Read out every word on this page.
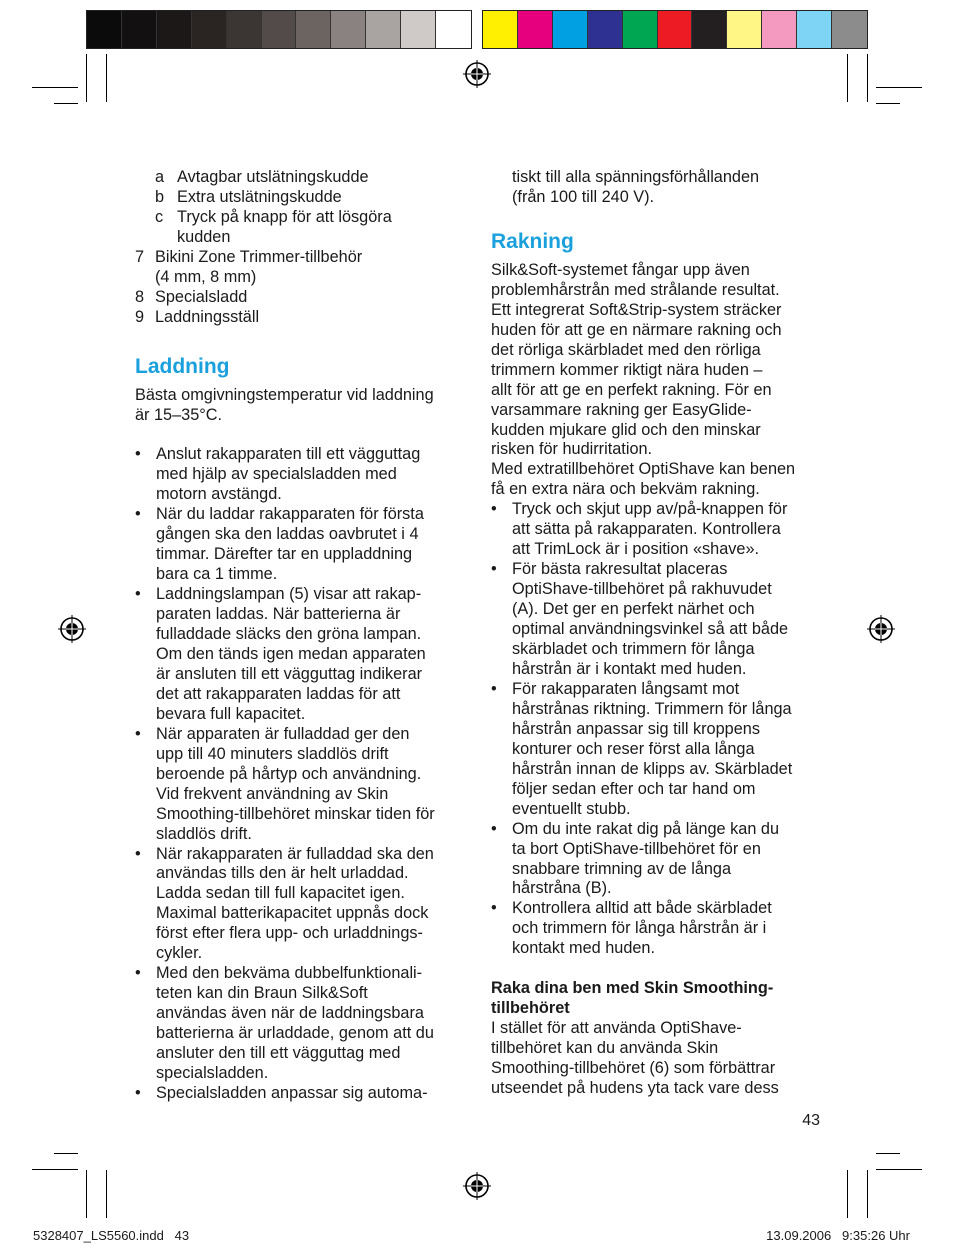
a Avtagbar utslätningskudde
b Extra utslätningskudde
c Tryck på knapp för att lösgöra
kudden
7 Bikini Zone Trimmer-tillbehör
(4 mm, 8 mm)
8 Specialsladd
9 Laddningsställ
Laddning

Bästa omgivningstemperatur vid laddning

är 15–35°C.

• Anslut rakapparaten till ett vägguttag

med hjälp av specialsladden med

motorn avstängd.

• När du laddar rakapparaten för första

gången ska den laddas oavbrutet i 4

timmar. Därefter tar en uppladdning

bara ca 1 timme.

• Laddningslampan (5) visar att rakap-

paraten laddas. När batterierna är

fulladdade släcks den gröna lampan.

Om den tänds igen medan apparaten

är ansluten till ett vägguttag indikerar

det att rakapparaten laddas för att

bevara full kapacitet.

• När apparaten är fulladdad ger den

upp till 40 minuters sladdlös drift

beroende på hårtyp och användning.

Vid frekvent användning av Skin

Smoothing-tillbehöret minskar tiden för

sladdlös drift.

• När rakapparaten är fulladdad ska den

användas tills den är helt urladdad.

Ladda sedan till full kapacitet igen.

Maximal batterikapacitet uppnås dock

först efter flera upp- och urladdnings-

cykler.

• Med den bekväma dubbelfunktionali-

teten kan din Braun Silk&Soft

användas även när de laddningsbara

batterierna är urladdade, genom att du

ansluter den till ett vägguttag med

specialsladden.

• Specialsladden anpassar sig automa-

tiskt till alla spänningsförhållanden

(från 100 till 240 V).

Rakning

Silk&Soft-systemet fångar upp även

problemhårstrån med strålande resultat.

Ett integrerat Soft&Strip-system sträcker

huden för att ge en närmare rakning och

det rörliga skärbladet med den rörliga

trimmern kommer riktigt nära huden –

allt för att ge en perfekt rakning. För en

varsammare rakning ger EasyGlide-

kudden mjukare glid och den minskar

risken för hudirritation.

Med extratillbehöret OptiShave kan benen

få en extra nära och bekväm rakning.

• Tryck och skjut upp av/på-knappen för

att sätta på rakapparaten. Kontrollera

att TrimLock är i position «shave».

• För bästa rakresultat placeras

OptiShave-tillbehöret på rakhuvudet

(A). Det ger en perfekt närhet och

optimal användningsvinkel så att både

skärbladet och trimmern för långa

hårstrån är i kontakt med huden.

• För rakapparaten långsamt mot

hårstrånas riktning. Trimmern för långa

hårstrån anpassar sig till kroppens

konturer och reser först alla långa

hårstrån innan de klipps av. Skärbladet

följer sedan efter och tar hand om

eventuellt stubb.

• Om du inte rakat dig på länge kan du

ta bort OptiShave-tillbehöret för en

snabbare trimning av de långa

hårstråna (B).

• Kontrollera alltid att både skärbladet

och trimmern för långa hårstrån är i

kontakt med huden.

Raka dina ben med Skin Smoothing-

tillbehöret

I stället för att använda OptiShave-

tillbehöret kan du använda Skin

Smoothing-tillbehöret (6) som förbättrar

utseendet på hudens yta tack vare dess

43
5328407_LS5560.indd   43	13.09.2006   9:35:26 Uhr
